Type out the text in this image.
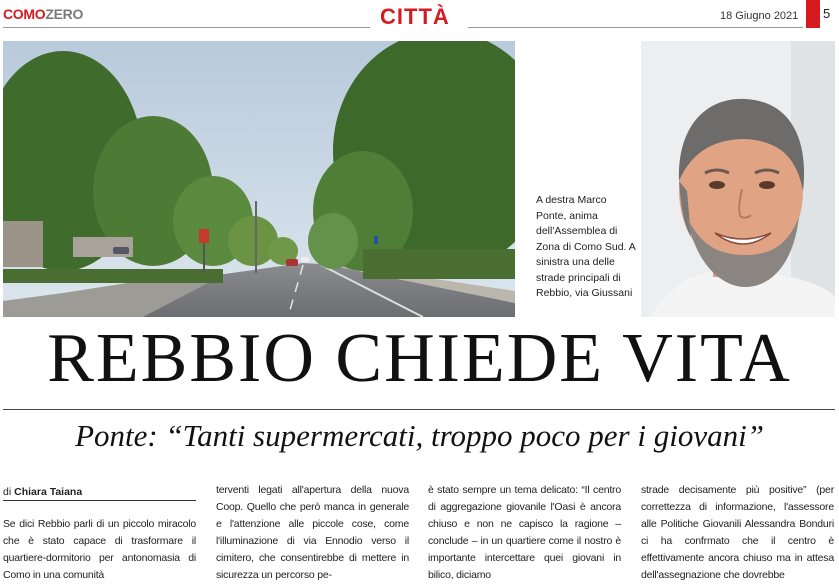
COMOZERO	CITTÀ	18 Giugno 2021 5
A destra Marco Ponte, anima dell'Assemblea di Zona di Como Sud. A sinistra una delle strade principali di Rebbio, via Giussani
REBBIO CHIEDE VITA
Ponte: “Tanti supermercati, troppo poco per i giovani”
di Chiara Taiana

Se dici Rebbio parli di un piccolo miracolo che è stato capace di trasformare il quartiere-dormitorio per antonomasia di Como in una comunità

terventi legati all'apertura della nuova Coop. Quello che però manca in generale e l'attenzione alle piccole cose, come l'illuminazione di via Ennodio verso il cimitero, che consentirebbe di mettere in sicurezza un percorso pe-

è stato sempre un tema delicato: “Il centro di aggregazione giovanile l'Oasi è ancora chiuso e non ne capisco la ragione – conclude – in un quartiere come il nostro è importante intercettare quei giovani in bilico, diciamo

strade decisamente più positive” (per correttezza di informazione, l'assessore alle Politiche Giovanili Alessandra Bonduri ci ha confrmato che il centro è effettivamente ancora chiuso ma in attesa dell'assegnazione che dovrebbe
